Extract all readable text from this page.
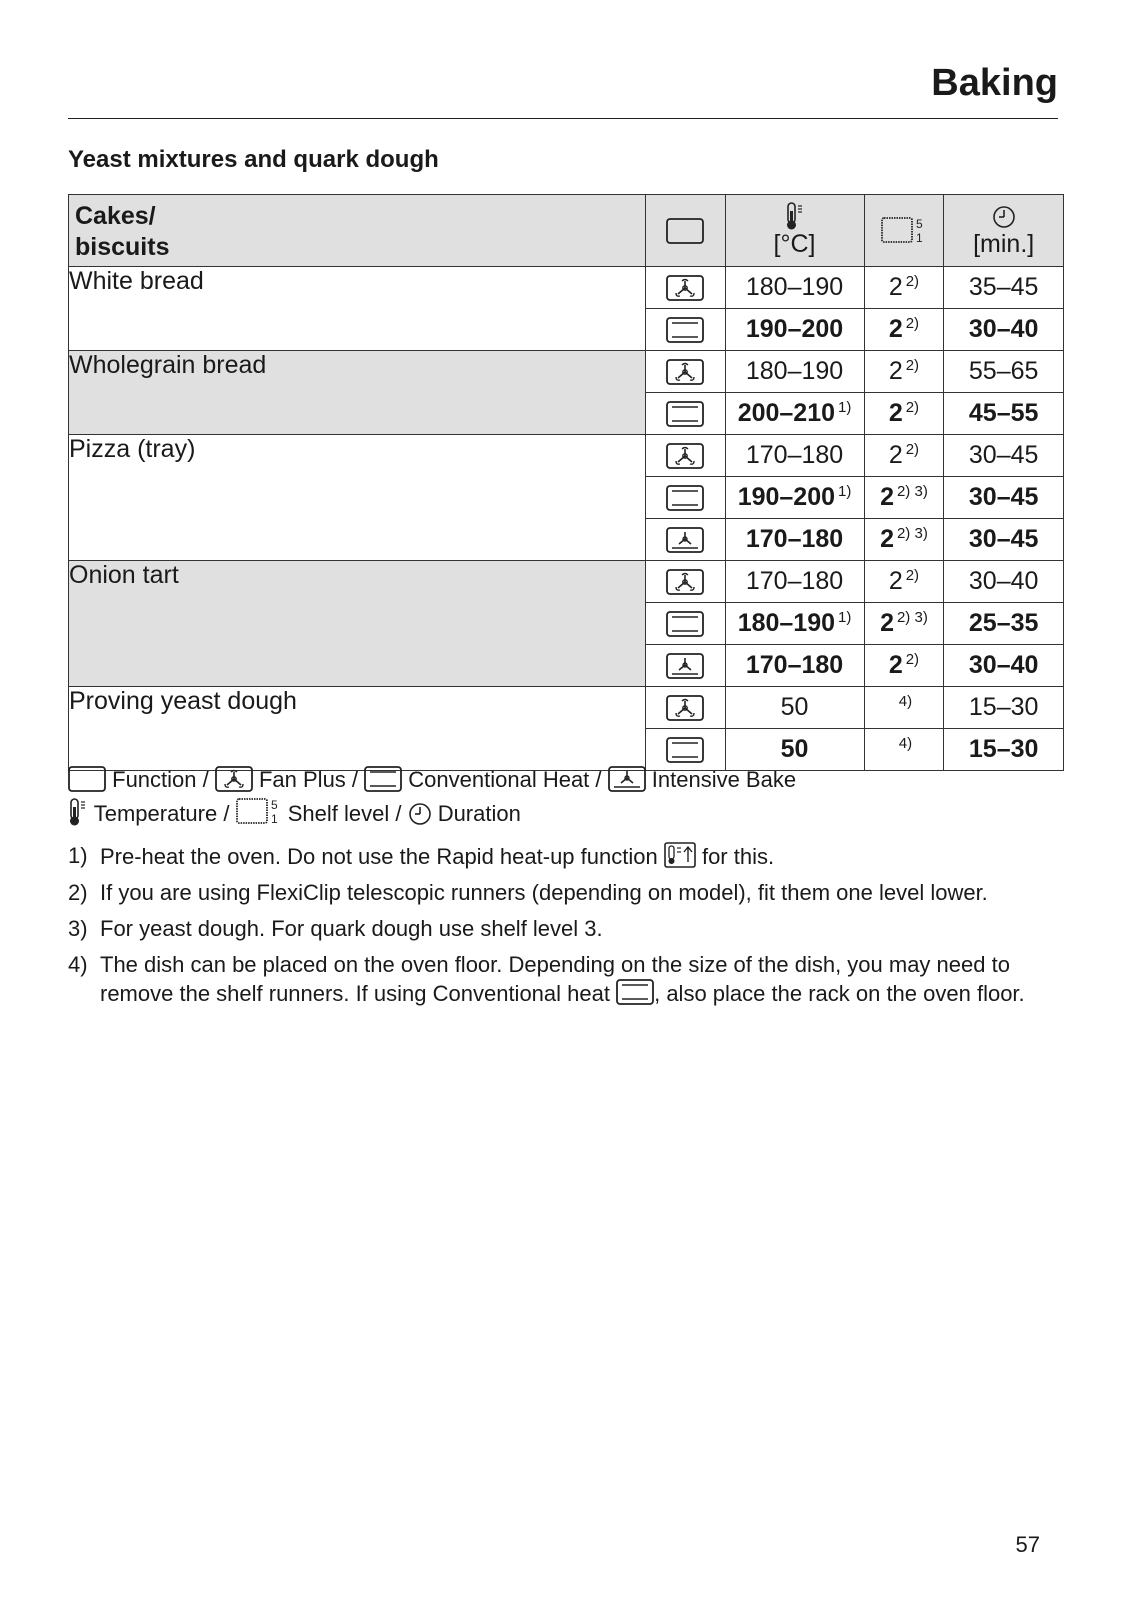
Baking
Yeast mixtures and quark dough
Cakes/
biscuits		[°C]		[min.]

White bread		180–190	2 $^{2)}$	35–45
	190–200	2 $^{2)}$	30–40
Wholegrain bread		180–190	2 $^{2)}$	55–65
	200–210 $^{1)}$	2 $^{2)}$	45–55
Pizza (tray)		170–180	2 $^{2)}$	30–45
	190–200 $^{1)}$	2 $^{2) 3)}$	30–45
	170–180	2 $^{2) 3)}$	30–45
Onion tart		170–180	2 $^{2)}$	30–40
	180–190 $^{1)}$	2 $^{2) 3)}$	25–35
	170–180	2 $^{2)}$	30–40
Proving yeast dough		50	$^{4)}$	15–30
	50	$^{4)}$	15–30
Function / Fan Plus / Conventional Heat / Intensive Bake
Temperature /	Shelf level / Duration
1) Pre-heat the oven. Do not use the Rapid heat-up function for this.
2) If you are using FlexiClip telescopic runners (depending on model), fit them one level lower.
3) For yeast dough. For quark dough use shelf level 3.
4) The dish can be placed on the oven floor. Depending on the size of the dish, you may need to remove the shelf runners. If using Conventional heat , also place the rack on the oven floor.
57
